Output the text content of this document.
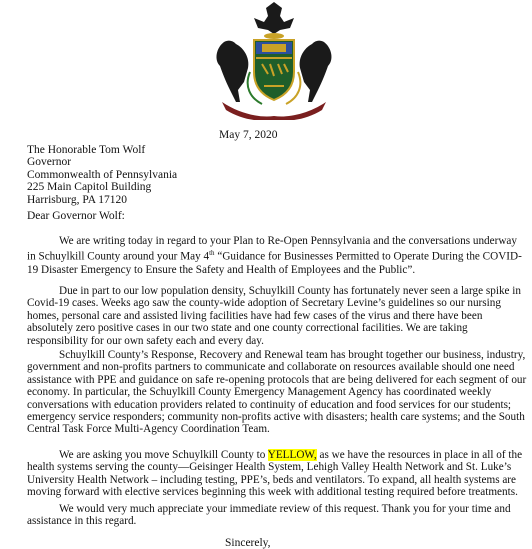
May 7, 2020
The Honorable Tom Wolf
Governor
Commonwealth of Pennsylvania
225 Main Capitol Building
Harrisburg, PA 17120
Dear Governor Wolf:
We are writing today in regard to your Plan to Re-Open Pennsylvania and the conversations underway
in Schuylkill County around your May 4th “Guidance for Businesses Permitted to Operate During the COVID-
19 Disaster Emergency to Ensure the Safety and Health of Employees and the Public”.
Due in part to our low population density, Schuylkill County has fortunately never seen a large spike in
Covid-19 cases. Weeks ago saw the county-wide adoption of Secretary Levine’s guidelines so our nursing
homes, personal care and assisted living facilities have had few cases of the virus and there have been
absolutely zero positive cases in our two state and one county correctional facilities. We are taking
responsibility for our own safety each and every day.
Schuylkill County’s Response, Recovery and Renewal team has brought together our business, industry,
government and non-profits partners to communicate and collaborate on resources available should one need
assistance with PPE and guidance on safe re-opening protocols that are being delivered for each segment of our
economy. In particular, the Schuylkill County Emergency Management Agency has coordinated weekly
conversations with education providers related to continuity of education and food services for our students;
emergency service responders; community non-profits active with disasters; health care systems; and the South
Central Task Force Multi-Agency Coordination Team.
We are asking you move Schuylkill County to YELLOW, as we have the resources in place in all of the
health systems serving the county—Geisinger Health System, Lehigh Valley Health Network and St. Luke’s
University Health Network – including testing, PPE’s, beds and ventilators. To expand, all health systems are
moving forward with elective services beginning this week with additional testing required before treatments.
We would very much appreciate your immediate review of this request. Thank you for your time and
assistance in this regard.
Sincerely,
